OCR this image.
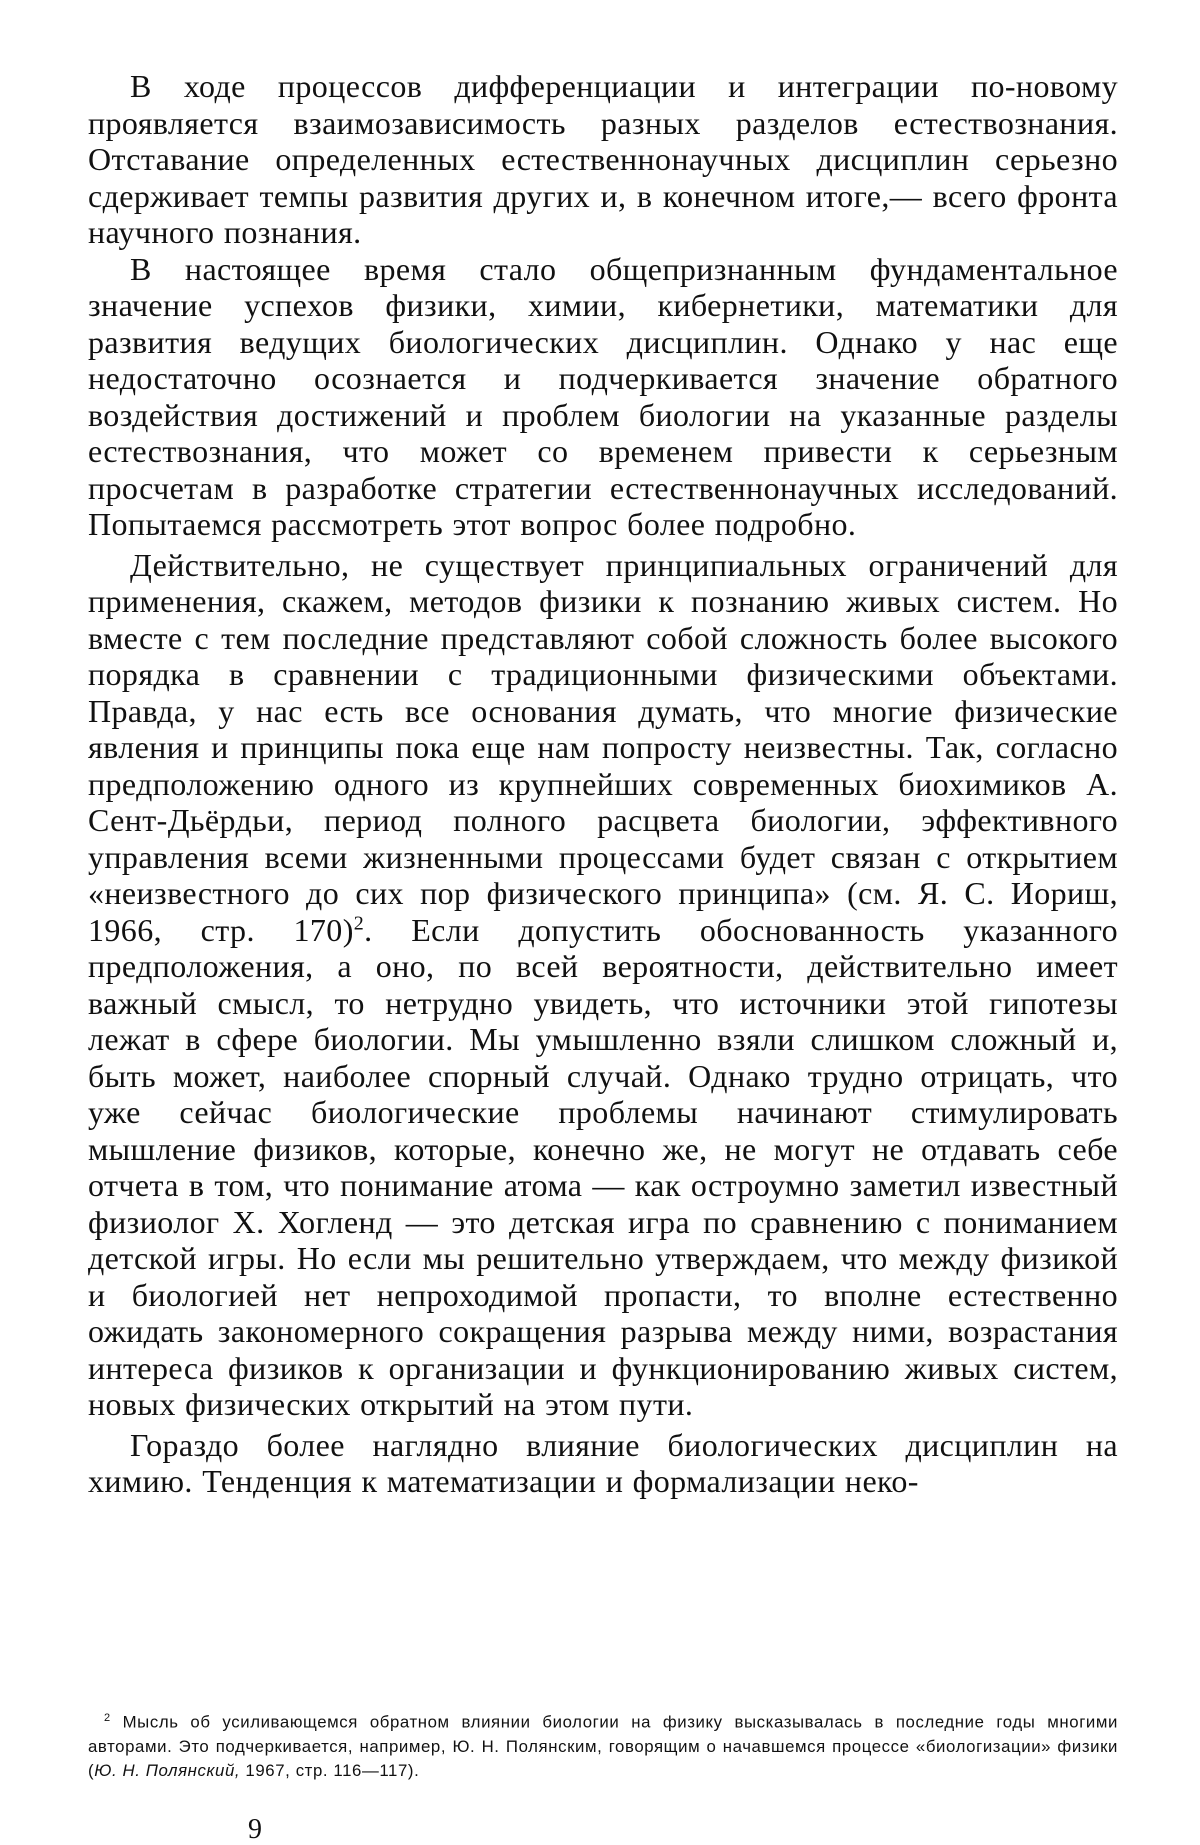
В ходе процессов дифференциации и интеграции по-новому проявляется взаимозависимость разных разделов естествознания. Отставание определенных естественнонаучных дисциплин серьезно сдерживает темпы развития других и, в конечном итоге,— всего фронта научного познания.

В настоящее время стало общепризнанным фундаментальное значение успехов физики, химии, кибернетики, математики для развития ведущих биологических дисциплин. Однако у нас еще недостаточно осознается и подчеркивается значение обратного воздействия достижений и проблем биологии на указанные разделы естествознания, что может со временем привести к серьезным просчетам в разработке стратегии естественнонаучных исследований. Попытаемся рассмотреть этот вопрос более подробно.

Действительно, не существует принципиальных ограничений для применения, скажем, методов физики к познанию живых систем. Но вместе с тем последние представляют собой сложность более высокого порядка в сравнении с традиционными физическими объектами. Правда, у нас есть все основания думать, что многие физические явления и принципы пока еще нам попросту неизвестны. Так, согласно предположению одного из крупнейших современных биохимиков А. Сент-Дьёрдьи, период полного расцвета биологии, эффективного управления всеми жизненными процессами будет связан с открытием «неизвестного до сих пор физического принципа» (см. Я. С. Иориш, 1966, стр. 170)$^2$. Если допустить обоснованность указанного предположения, а оно, по всей вероятности, действительно имеет важный смысл, то нетрудно увидеть, что источники этой гипотезы лежат в сфере биологии. Мы умышленно взяли слишком сложный и, быть может, наиболее спорный случай. Однако трудно отрицать, что уже сейчас биологические проблемы начинают стимулировать мышление физиков, которые, конечно же, не могут не отдавать себе отчета в том, что понимание атома — как остроумно заметил известный физиолог X. Хогленд — это детская игра по сравнению с пониманием детской игры. Но если мы решительно утверждаем, что между физикой и биологией нет непроходимой пропасти, то вполне естественно ожидать закономерного сокращения разрыва между ними, возрастания интереса физиков к организации и функционированию живых систем, новых физических открытий на этом пути.

Гораздо более наглядно влияние биологических дисциплин на химию. Тенденция к математизации и формализации неко-

$^2$ Мысль об усиливающемся обратном влиянии биологии на физику высказывалась в последние годы многими авторами. Это подчеркивается, например, Ю. Н. Полянским, говорящим о начавшемся процессе «биологизации» физики (Ю. Н. Полянский, 1967, стр. 116—117).

9
